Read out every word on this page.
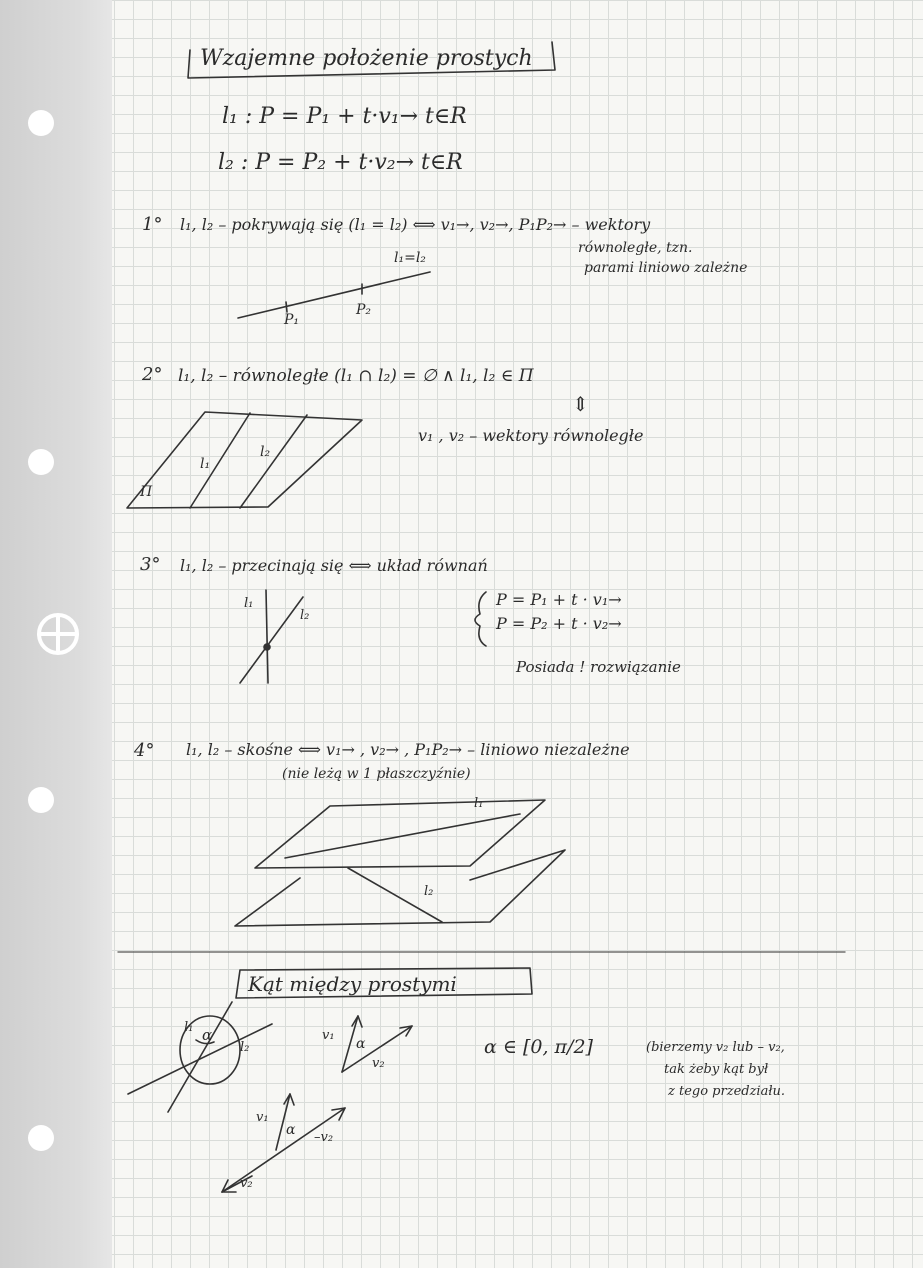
Wzajemne położenie prostych
l₁ : P = P₁ + t·v₁→ t∈R
l₂ : P = P₂ + t·v₂→ t∈R
1° l₁, l₂ – pokrywają się (l₁ = l₂) ⟺ v₁→, v₂→, P₁P₂→ – wektory
równoległe, tzn.
parami liniowo zależne
l₁=l₂
P₁
P₂
2° l₁, l₂ – równoległe (l₁ ∩ l₂) = ∅ ∧ l₁, l₂ ∈ Π
⇕
v₁ , v₂ – wektory równoległe
l₁
l₂
Π
3° l₁, l₂ – przecinają się ⟺ układ równań
P = P₁ + t · v₁→
P = P₂ + t · v₂→
Posiada ! rozwiązanie
l₁
l₂
4° l₁, l₂ – skośne ⟺ v₁→ , v₂→ , P₁P₂→ – liniowo niezależne
(nie leżą w 1 płaszczyźnie)
l₁
l₂
Kąt między prostymi
α ∈ [0, π/2]	(bierzemy v₂ lub – v₂,
tak żeby kąt był
z tego przedziału.
l₁
l₂
α	v₁
α
v₂
v₁
α –v₂
v₂
